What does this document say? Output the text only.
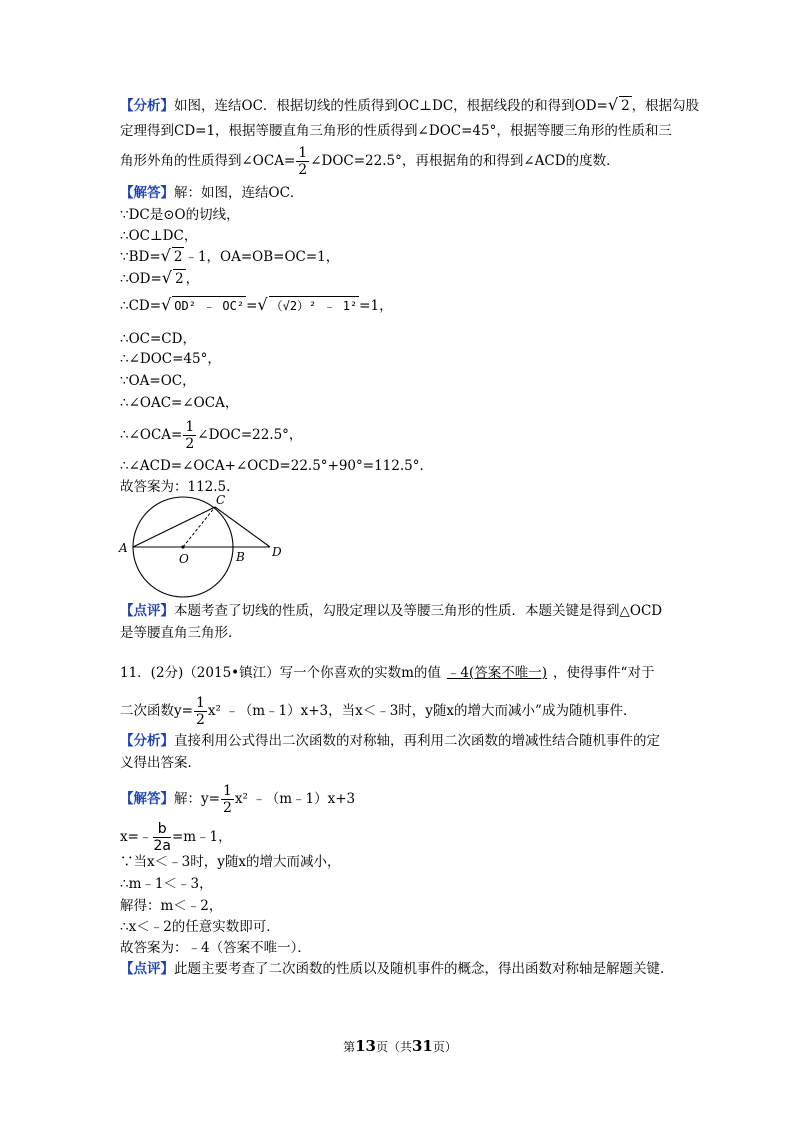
【分析】如图，连结OC．根据切线的性质得到OC⊥DC，根据线段的和得到OD=√ 2 ，根据勾股
定理得到CD=1，根据等腰直角三角形的性质得到∠DOC=45°，根据等腰三角形的性质和三
角形外角的性质得到∠OCA= $\frac{1}{2}$ ∠DOC=22.5°，再根据角的和得到∠ACD的度数．
【解答】解：如图，连结OC．
∵DC是⊙O的切线，
∴OC⊥DC，
∵BD=√ 2 ﹣1，OA=OB=OC=1，
∴OD=√ 2 ，
∴CD=√ OD² ﹣ OC² =√ （√2）² ﹣ 1² =1，
∴OC=CD，
∴∠DOC=45°，
∵OA=OC，
∴∠OAC=∠OCA，
∴∠OCA= $\frac{1}{2}$ ∠DOC=22.5°，
∴∠ACD=∠OCA+∠OCD=22.5°+90°=112.5°．
故答案为：112.5．
A
O	B
C
D
【点评】本题考查了切线的性质，勾股定理以及等腰三角形的性质．本题关键是得到△OCD
是等腰直角三角形．
11．(2分)（2015•镇江）写一个你喜欢的实数m的值 ﹣4(答案不唯一) ，使得事件“对于
二次函数$y= \frac{1}{2} x^2$ ﹣（m﹣1）x+3，当x＜﹣3时，y随x的增大而减小”成为随机事件．
【分析】直接利用公式得出二次函数的对称轴，再利用二次函数的增减性结合随机事件的定
义得出答案．
【解答】解：$y= \frac{1}{2} x^2$ ﹣（m﹣1）x+3
x=﹣ $\frac{b}{2a}$ =m﹣1，
∵当x＜﹣3时，y随x的增大而减小，
∴m﹣1＜﹣3，
解得：m＜﹣2，
∴x＜﹣2的任意实数即可．
故答案为：﹣4（答案不唯一）．
【点评】此题主要考查了二次函数的性质以及随机事件的概念，得出函数对称轴是解题关键．
第13页（共31页）
